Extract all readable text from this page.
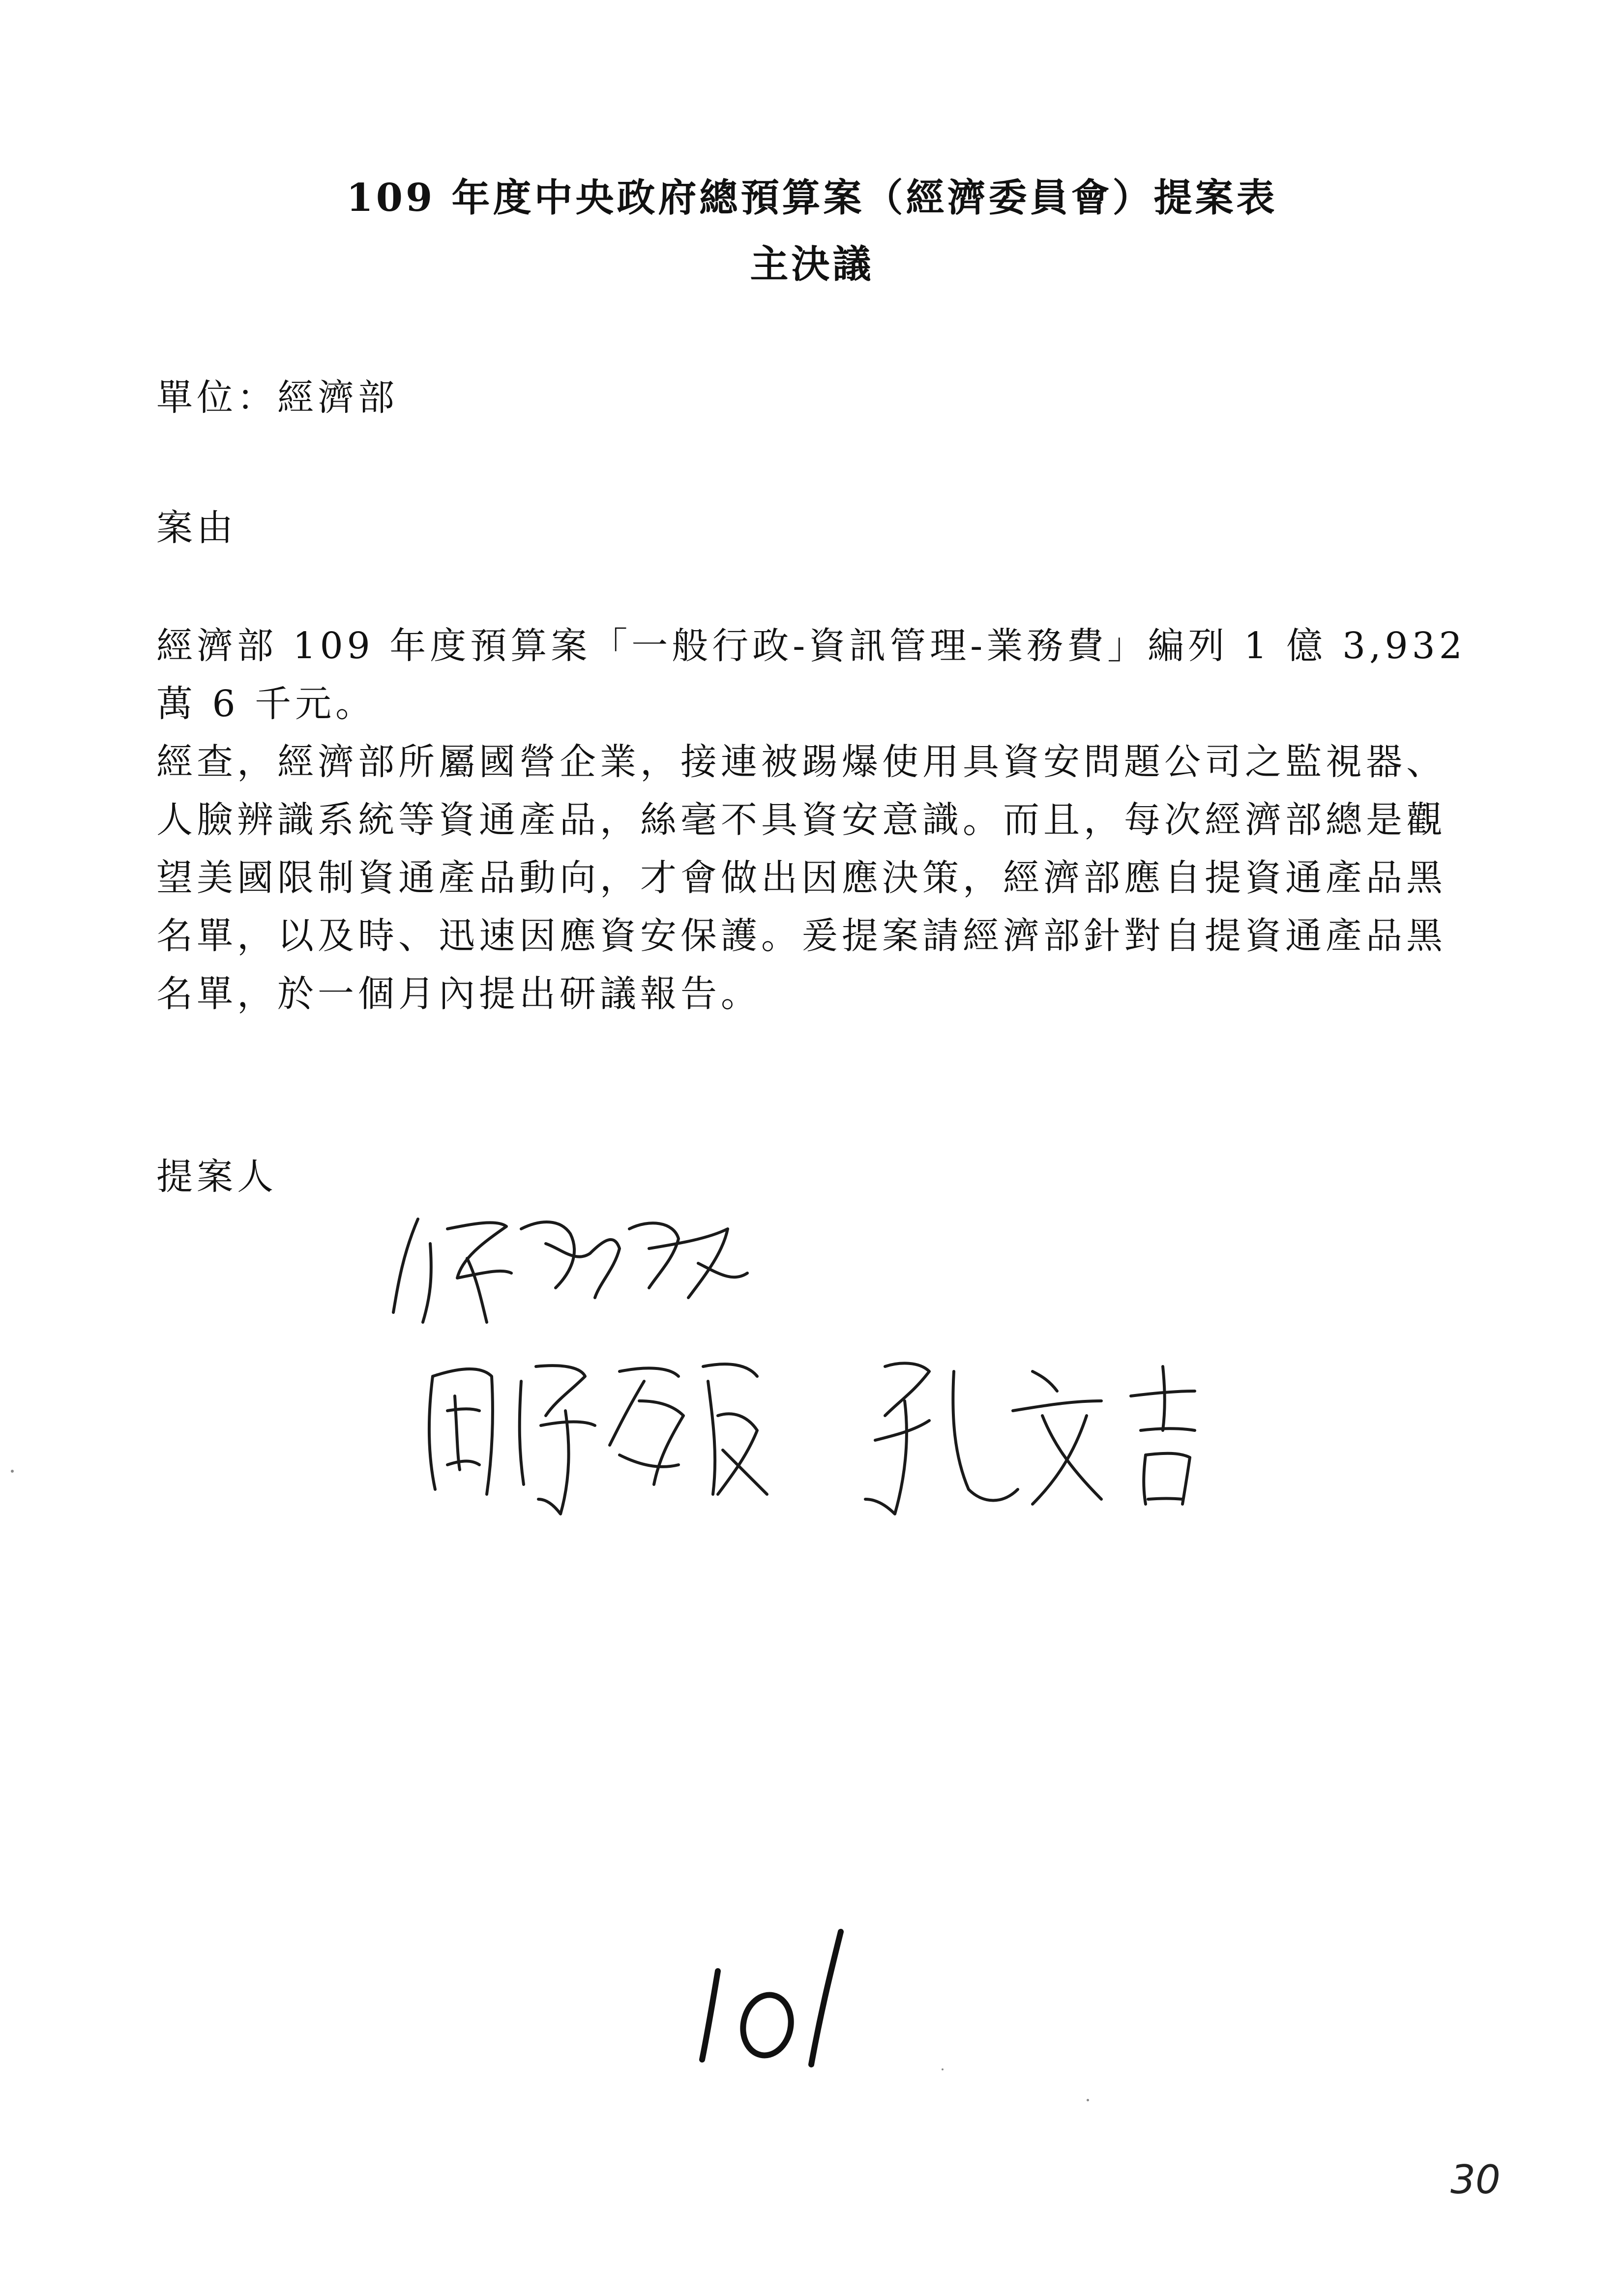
109 年度中央政府總預算案（經濟委員會）提案表
主決議
單位：經濟部
案由

經濟部 109 年度預算案「一般行政-資訊管理-業務費」編列 1 億 3,932 萬 6 千元。

經查，經濟部所屬國營企業，接連被踢爆使用具資安問題公司之監視器、人臉辨識系統等資通產品，絲毫不具資安意識。而且，每次經濟部總是觀望美國限制資通產品動向，才會做出因應決策，經濟部應自提資通產品黑名單，以及時、迅速因應資安保護。爰提案請經濟部針對自提資通產品黑名單，於一個月內提出研議報告。

提案人
30
